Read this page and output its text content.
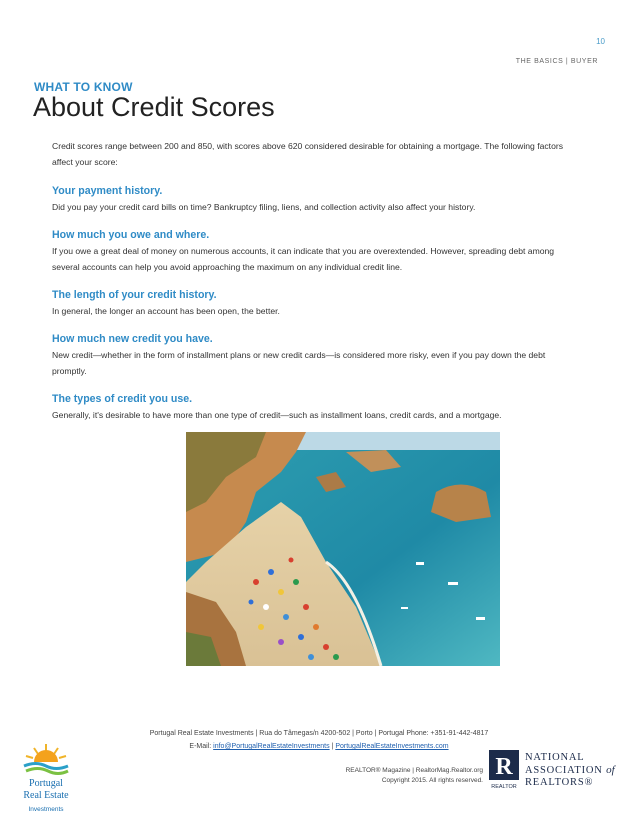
10
THE BASICS | BUYER
WHAT TO KNOW
About Credit Scores

Credit scores range between 200 and 850, with scores above 620 considered desirable for obtaining a mortgage. The following factors affect your score:

Your payment history.
Did you pay your credit card bills on time? Bankruptcy filing, liens, and collection activity also affect your history.
How much you owe and where.
If you owe a great deal of money on numerous accounts, it can indicate that you are overextended. However, spreading debt among several accounts can help you avoid approaching the maximum on any individual credit line.
The length of your credit history.
In general, the longer an account has been open, the better.
How much new credit you have.
New credit—whether in the form of installment plans or new credit cards—is considered more risky, even if you pay down the debt promptly.
The types of credit you use.
Generally, it's desirable to have more than one type of credit—such as installment loans, credit cards, and a mortgage.
Portugal Real Estate Investments | Rua do Tâmegas/n 4200-502 | Porto | Portugal Phone: +351-91-442-4817
E-Mail: info@PortugalRealEstateInvestments | PortugalRealEstateInvestments.com
Portugal
Real Estate
Investments
REALTOR® Magazine | RealtorMag.Realtor.org
Copyright 2015. All rights reserved.
R
REALTOR
NATIONAL
ASSOCIATION of
REALTORS®
